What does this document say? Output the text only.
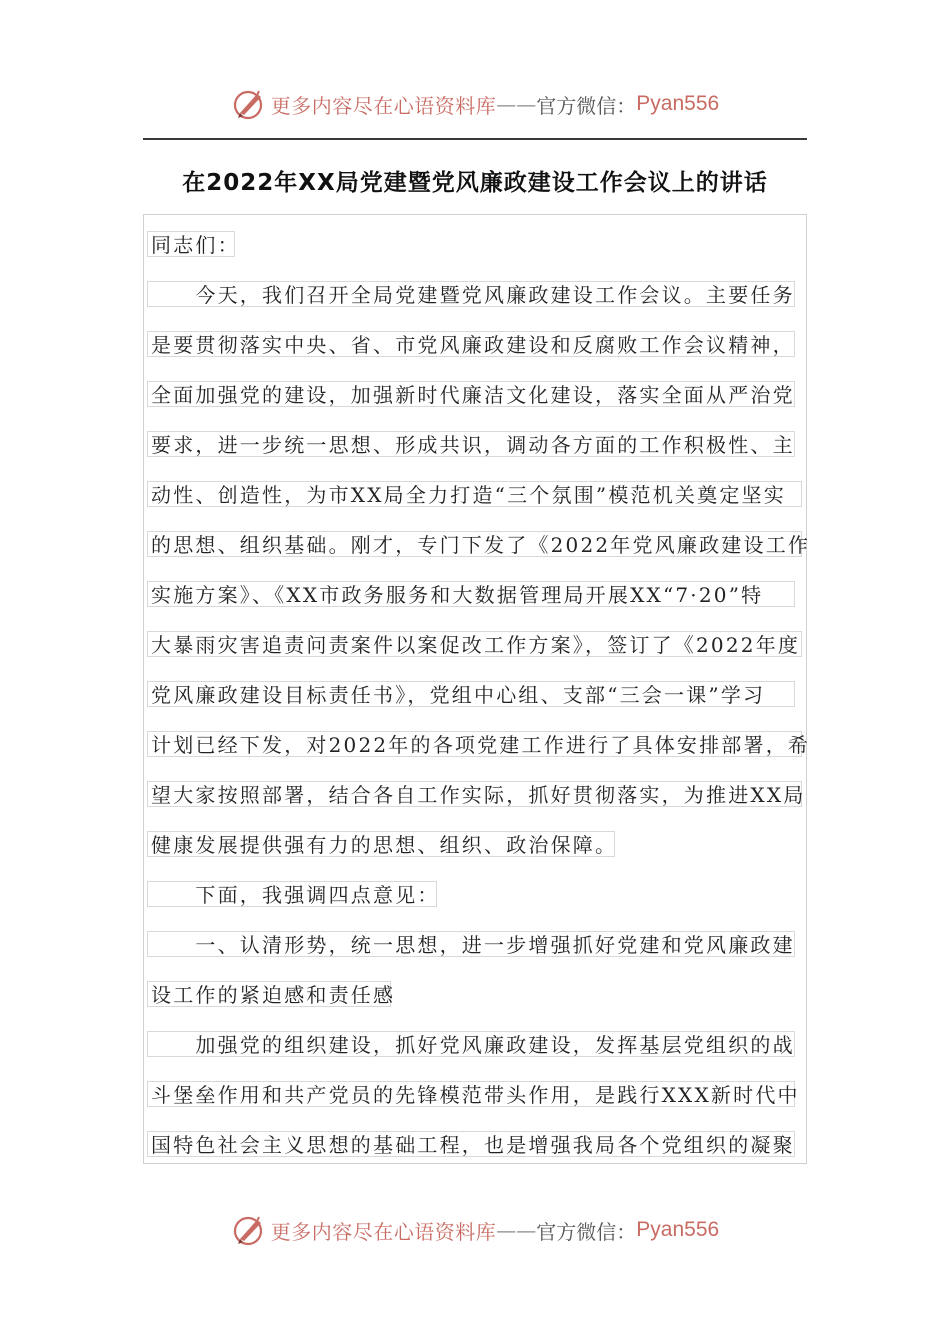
更多内容尽在心语资料库 —— 官方微信： Pyan556
在2022年XX局党建暨党风廉政建设工作会议上的讲话
同志们：
　　今天，我们召开全局党建暨党风廉政建设工作会议。主要任务
是要贯彻落实中央、省、市党风廉政建设和反腐败工作会议精神，
全面加强党的建设，加强新时代廉洁文化建设，落实全面从严治党
要求，进一步统一思想、形成共识，调动各方面的工作积极性、主
动性、创造性，为市XX局全力打造“三个氛围”模范机关奠定坚实
的思想、组织基础。刚才，专门下发了《2022年党风廉政建设工作
实施方案》、《XX市政务服务和大数据管理局开展XX“7·20”特
大暴雨灾害追责问责案件以案促改工作方案》，签订了《2022年度
党风廉政建设目标责任书》，党组中心组、支部“三会一课”学习
计划已经下发，对2022年的各项党建工作进行了具体安排部署，希
望大家按照部署，结合各自工作实际，抓好贯彻落实，为推进XX局
健康发展提供强有力的思想、组织、政治保障。
　　下面，我强调四点意见：
　　一、认清形势，统一思想，进一步增强抓好党建和党风廉政建
设工作的紧迫感和责任感
　　加强党的组织建设，抓好党风廉政建设，发挥基层党组织的战
斗堡垒作用和共产党员的先锋模范带头作用，是践行XXX新时代中
国特色社会主义思想的基础工程，也是增强我局各个党组织的凝聚
更多内容尽在心语资料库 —— 官方微信： Pyan556
